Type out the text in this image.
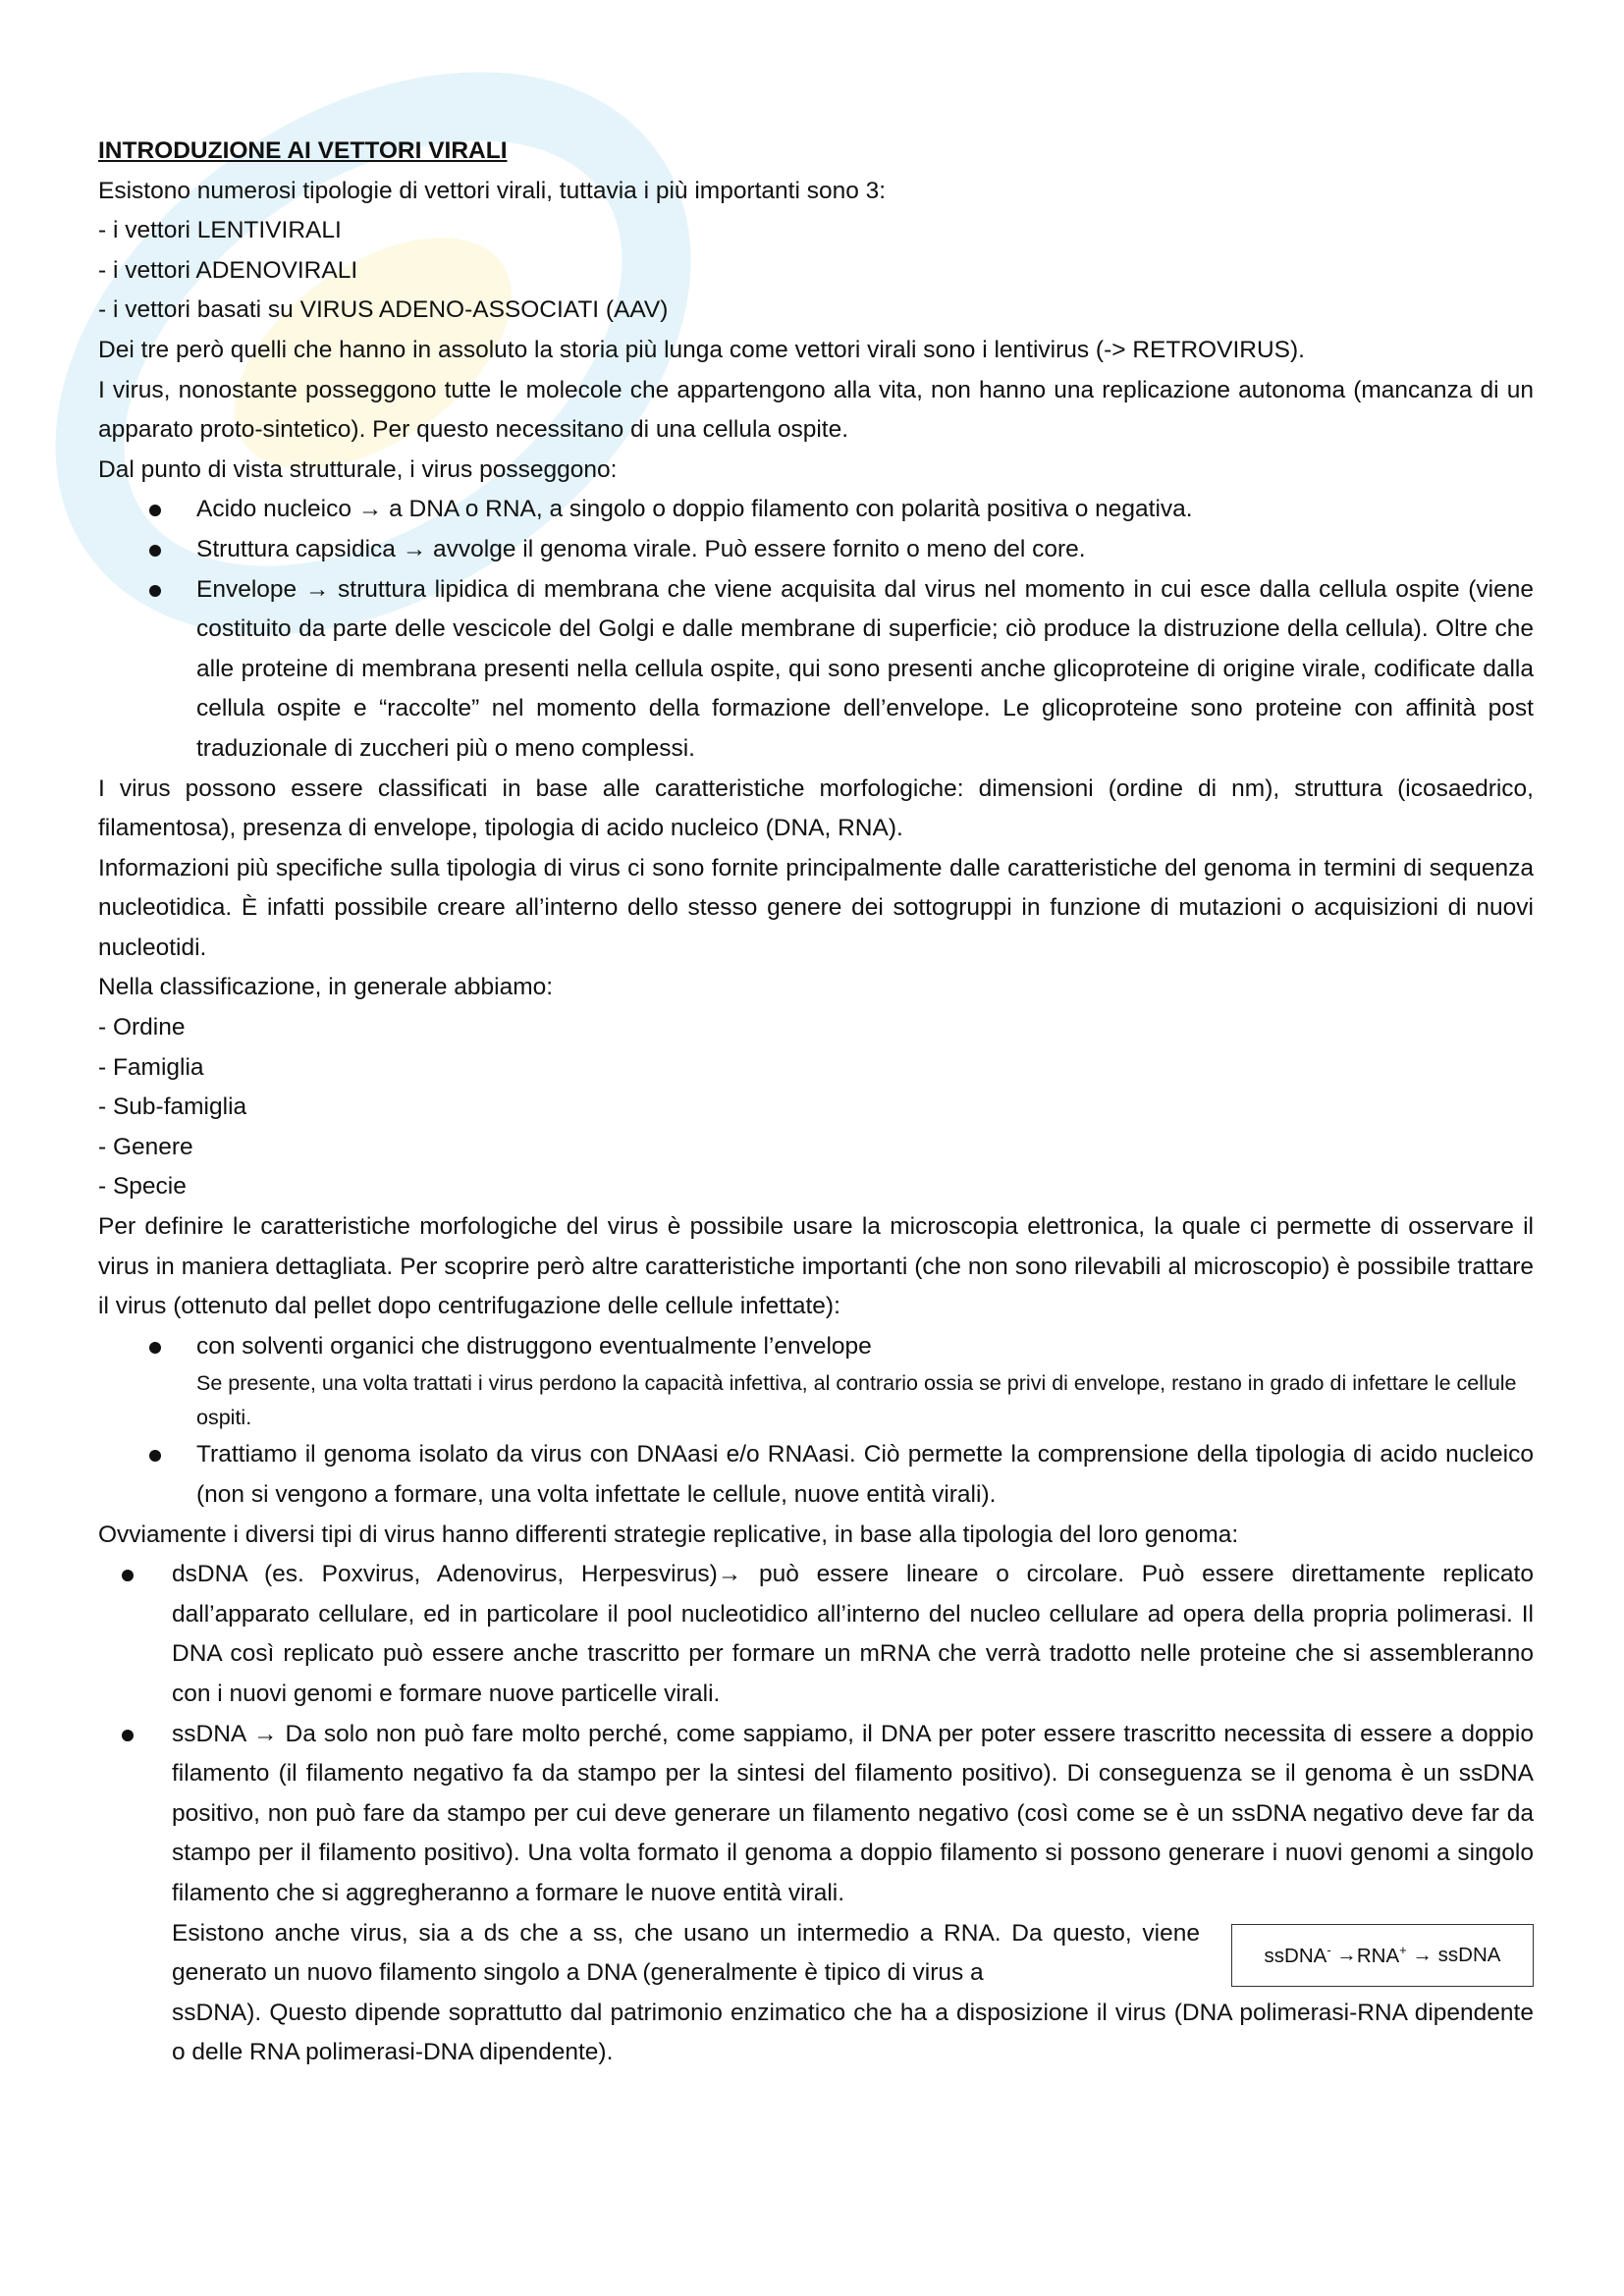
INTRODUZIONE AI VETTORI VIRALI

Esistono numerosi tipologie di vettori virali, tuttavia i più importanti sono 3:

- i vettori LENTIVIRALI

- i vettori ADENOVIRALI

- i vettori basati su VIRUS ADENO-ASSOCIATI (AAV)

Dei tre però quelli che hanno in assoluto la storia più lunga come vettori virali sono i lentivirus (-> RETROVIRUS).

I virus, nonostante posseggono tutte le molecole che appartengono alla vita, non hanno una replicazione autonoma (mancanza di un apparato proto-sintetico). Per questo necessitano di una cellula ospite.

Dal punto di vista strutturale, i virus posseggono:

Acido nucleico → a DNA o RNA, a singolo o doppio filamento con polarità positiva o negativa.
Struttura capsidica → avvolge il genoma virale. Può essere fornito o meno del core.
Envelope → struttura lipidica di membrana che viene acquisita dal virus nel momento in cui esce dalla cellula ospite (viene costituito da parte delle vescicole del Golgi e dalle membrane di superficie; ciò produce la distruzione della cellula). Oltre che alle proteine di membrana presenti nella cellula ospite, qui sono presenti anche glicoproteine di origine virale, codificate dalla cellula ospite e “raccolte” nel momento della formazione dell’envelope. Le glicoproteine sono proteine con affinità post traduzionale di zuccheri più o meno complessi.

I virus possono essere classificati in base alle caratteristiche morfologiche: dimensioni (ordine di nm), struttura (icosaedrico, filamentosa), presenza di envelope, tipologia di acido nucleico (DNA, RNA).

Informazioni più specifiche sulla tipologia di virus ci sono fornite principalmente dalle caratteristiche del genoma in termini di sequenza nucleotidica. È infatti possibile creare all’interno dello stesso genere dei sottogruppi in funzione di mutazioni o acquisizioni di nuovi nucleotidi.

Nella classificazione, in generale abbiamo:

- Ordine

- Famiglia

- Sub-famiglia

- Genere

- Specie

Per definire le caratteristiche morfologiche del virus è possibile usare la microscopia elettronica, la quale ci permette di osservare il virus in maniera dettagliata. Per scoprire però altre caratteristiche importanti (che non sono rilevabili al microscopio) è possibile trattare il virus (ottenuto dal pellet dopo centrifugazione delle cellule infettate):

con solventi organici che distruggono eventualmente l’envelope

Se presente, una volta trattati i virus perdono la capacità infettiva, al contrario ossia se privi di envelope, restano in grado di infettare le cellule ospiti.

Trattiamo il genoma isolato da virus con DNAasi e/o RNAasi. Ciò permette la comprensione della tipologia di acido nucleico (non si vengono a formare, una volta infettate le cellule, nuove entità virali).

Ovviamente i diversi tipi di virus hanno differenti strategie replicative, in base alla tipologia del loro genoma:

dsDNA (es. Poxvirus, Adenovirus, Herpesvirus)→ può essere lineare o circolare. Può essere direttamente replicato dall’apparato cellulare, ed in particolare il pool nucleotidico all’interno del nucleo cellulare ad opera della propria polimerasi. Il DNA così replicato può essere anche trascritto per formare un mRNA che verrà tradotto nelle proteine che si assembleranno con i nuovi genomi e formare nuove particelle virali.
ssDNA → Da solo non può fare molto perché, come sappiamo, il DNA per poter essere trascritto necessita di essere a doppio filamento (il filamento negativo fa da stampo per la sintesi del filamento positivo). Di conseguenza se il genoma è un ssDNA positivo, non può fare da stampo per cui deve generare un filamento negativo (così come se è un ssDNA negativo deve far da stampo per il filamento positivo). Una volta formato il genoma a doppio filamento si possono generare i nuovi genomi a singolo filamento che si aggregheranno a formare le nuove entità virali.
Esistono anche virus, sia a ds che a ss, che usano un intermedio a RNA. Da questo, viene generato un nuovo filamento singolo a DNA (generalmente è tipico di virus a
ssDNA-
→ RNA+
→
ssDNA

ssDNA). Questo dipende soprattutto dal patrimonio enzimatico che ha a disposizione il virus (DNA polimerasi-RNA dipendente o delle RNA polimerasi-DNA dipendente).
